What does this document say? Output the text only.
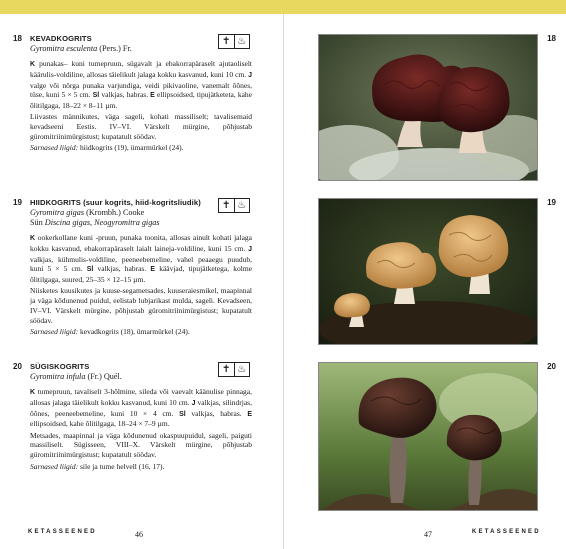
18 KEVADKOGRITS	✝ ♨
Gyromitra esculenta (Pers.) Fr.

K punakas– kuni tumepruun, sügavalt ja ebakorrapäraselt ajutaoliselt käärulis-voldiline, allosas täielikult jalaga kokku kasvanud, kuni 10 cm. J valge või nõrga punaka varjundiga, veidi pikivaoline, vanemalt õõnes, tüse, kuni 5 × 5 cm. Sl valkjas, habras. E ellipsoidsed, tipujätketeta, kahe õlitilgaga, 18–22 × 8–11 µm.

Liivastes männikutes, väga sageli, kohati massiliselt; tavalisemaid kevadseeni Eestis. IV–VI. Värskelt mürgine, põhjustab güromitriinimürgistust; kupatatult söödav.

Sarnased liigid: hiidkogrits (19), ümarmürkel (24).

19 HIIDKOGRITS (suur kogrits, hiid-kogritsliudik)	✝ ♨
Gyromitra gigas (Krombh.) Cooke
Sün Discina gigas, Neogyromitra gigas

K ookerkollane kuni -pruun, punaka toonita, allosas ainult kohati jalaga kokku kasvanud, ebakorrapäraselt laialt laineja-voldiline, kuni 15 cm. J valkjas, kühmulis-voldiline, peeneebemeline, vahel peaaegu puudub, kuni 5 × 5 cm. Sl valkjas, habras. E käävjad, tipujätketega, kolme õlitilgaga, suured, 25–35 × 12–15 µm.

Niisketes kuusikutes ja kuuse-segametsades, kuuseraiesmikel, maapinnal ja väga kõdunenud puidul, eelistab lubjarikast mulda, sageli. Kevadseen, IV–VI. Värskelt mürgine, põhjustab güromitriinimürgistust; kupatatult söödav.

Sarnased liigid: kevadkogrits (18), ümarmürkel (24).

20 SÜGISKOGRITS	✝ ♨
Gyromitra infula (Fr.) Quél.

K tumepruun, tavaliselt 3-hõlmine, sileda või vaevalt käänulise pinnaga, allosas jalaga täielikult kokku kasvanud, kuni 10 cm. J valkjas, silindrjas, õõnes, peeneebemeline, kuni 10 × 4 cm. Sl valkjas, habras. E ellipsoidsed, kahe õlitilgaga, 18–24 × 7–9 µm.

Metsades, maapinnal ja väga kõdunenud okaspuupuidul, sageli, paiguti massiliselt. Sügisseen, VIII–X. Värskelt mürgine, põhjustab güromitriinimürgistust; kupatatult söödav.

Sarnased liigid: sile ja tume helvell (16, 17).

18
19
20
KETASSEENED	46	47	KETASSEENED
